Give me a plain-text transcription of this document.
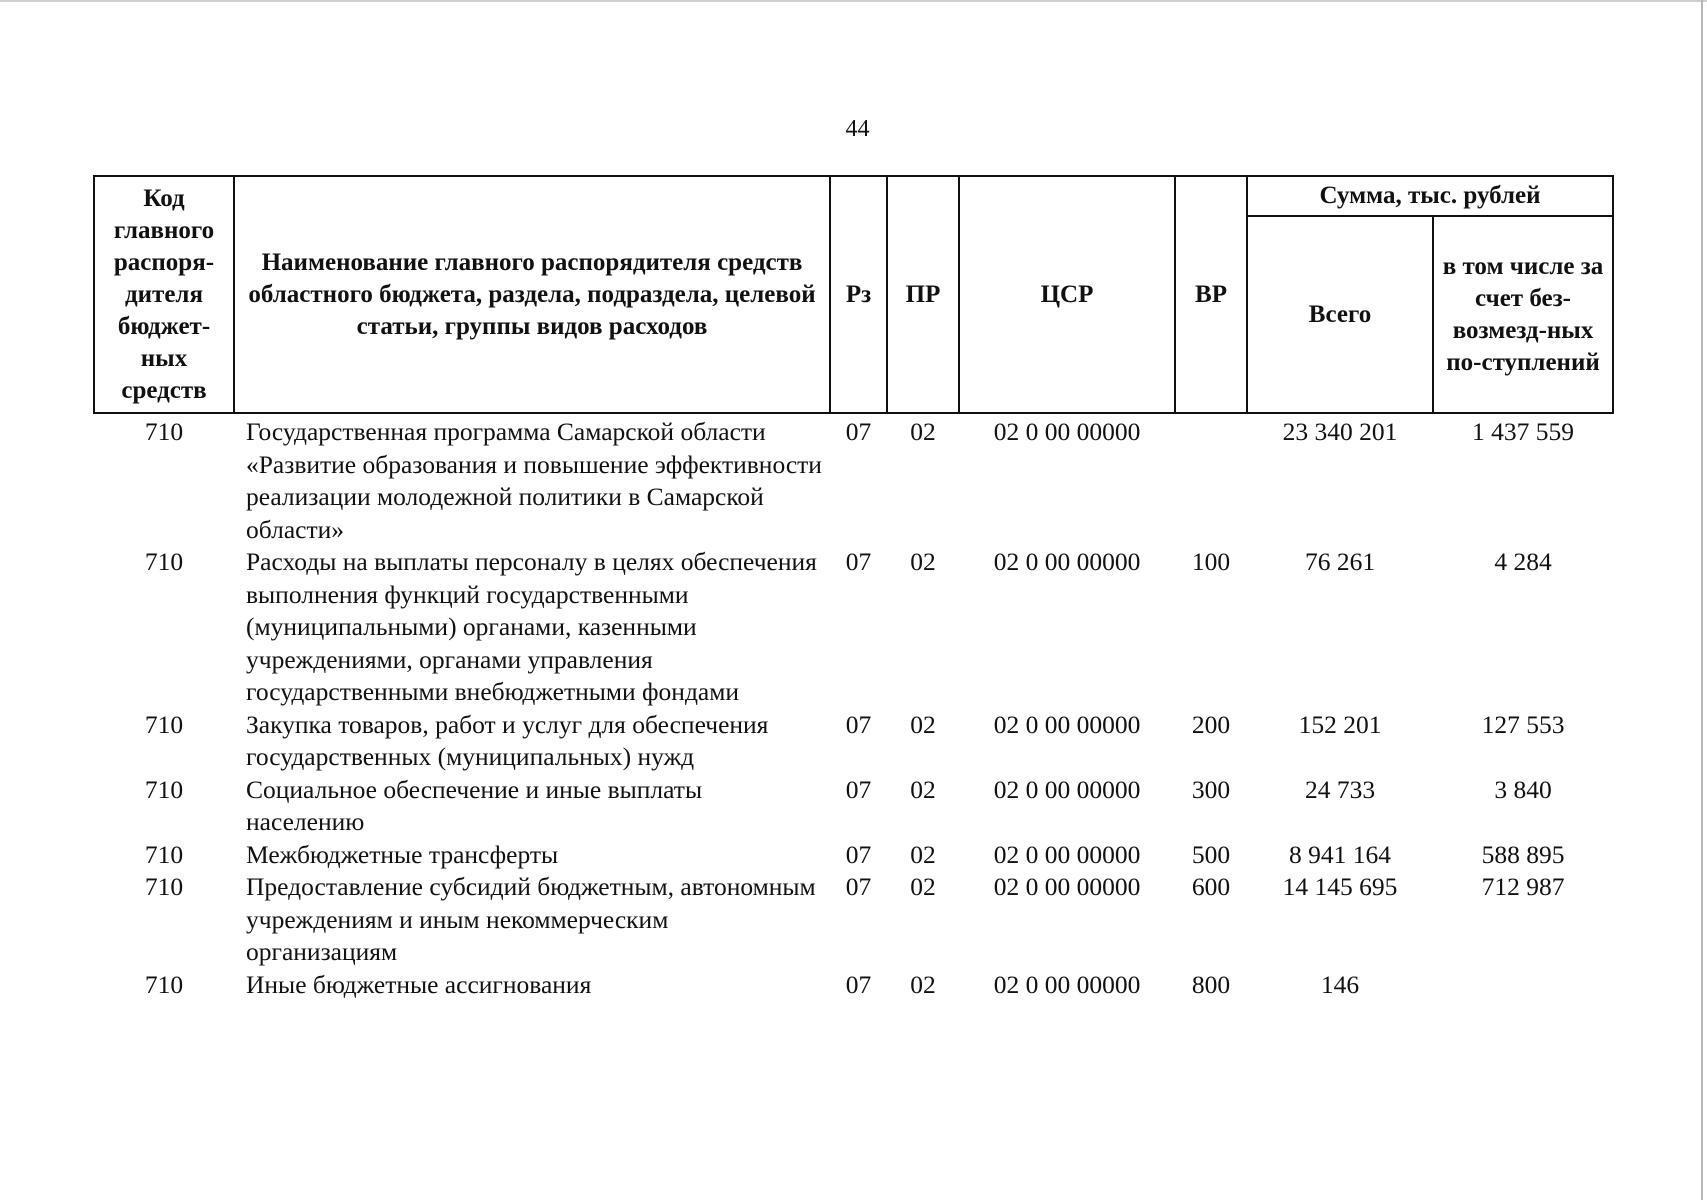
44
Код главного распоря-дителя бюджет-ных средств	Наименование главного распорядителя средств областного бюджета, раздела, подраздела, целевой статьи, группы видов расходов	Рз	ПР	ЦСР	ВР	Сумма, тыс. рублей	
						Всего	в том числе за счет без-возмезд-ных по-ступлений
710	Государственная программа Самарской области «Развитие образования и повышение эффективности реализации молодежной политики в Самарской области»	07	02	02 0 00 00000		23 340 201	1 437 559
710	Расходы на выплаты персоналу в целях обеспечения выполнения функций государственными (муниципальными) органами, казенными учреждениями, органами управления государственными внебюджетными фондами	07	02	02 0 00 00000	100	76 261	4 284
710	Закупка товаров, работ и услуг для обеспечения государственных (муниципальных) нужд	07	02	02 0 00 00000	200	152 201	127 553
710	Социальное обеспечение и иные выплаты населению	07	02	02 0 00 00000	300	24 733	3 840
710	Межбюджетные трансферты	07	02	02 0 00 00000	500	8 941 164	588 895
710	Предоставление субсидий бюджетным, автономным учреждениям и иным некоммерческим организациям	07	02	02 0 00 00000	600	14 145 695	712 987
710	Иные бюджетные ассигнования	07	02	02 0 00 00000	800	146	
